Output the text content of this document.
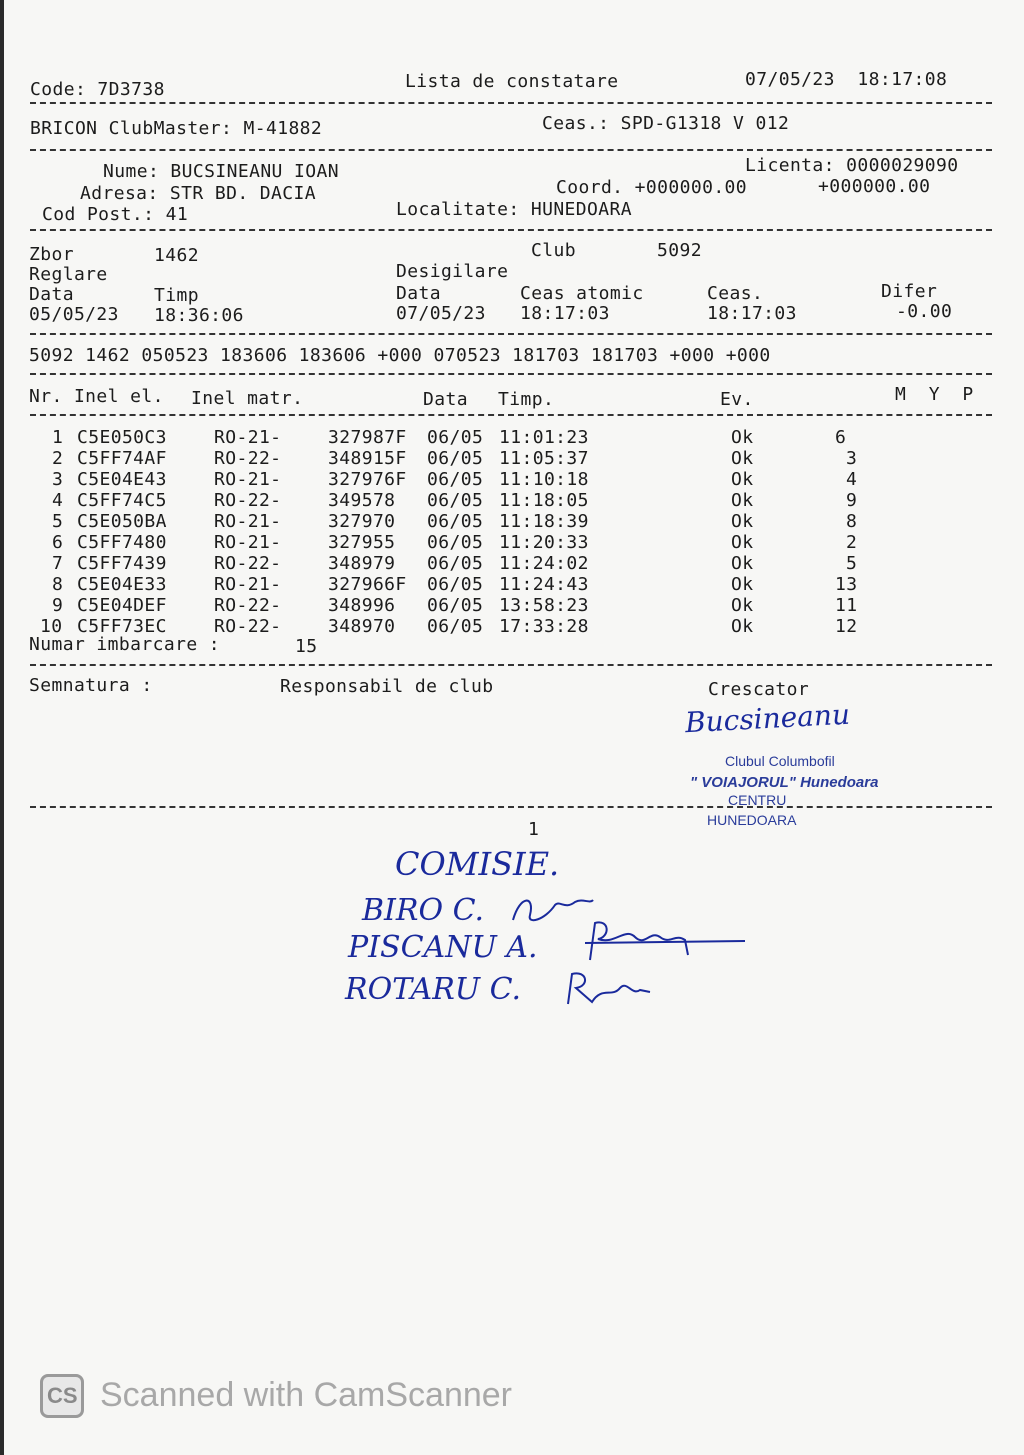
Code: 7D3738	Lista de constatare	07/05/23  18:17:08
BRICON ClubMaster: M-41882	Ceas.: SPD-G1318 V 012
Nume: BUCSINEANU IOAN	Licenta: 0000029090
Adresa: STR BD. DACIA	Coord. +000000.00	+000000.00
Cod Post.: 41	Localitate: HUNEDOARA
Zbor	1462	Club	5092
Reglare	Desigilare
Data	Timp	Data	Ceas atomic	Ceas.	Difer
05/05/23 18:36:06	07/05/23 18:17:03	18:17:03	-0.00
5092 1462 050523 183606 183606 +000 070523 181703 181703 +000 +000
Nr. Inel el. Inel matr.	Data Timp.	Ev.	M  Y  P
1 C5E050C3	RO-21-	327987F 06/05 11:01:23	Ok	6
2 C5FF74AF	RO-22-	348915F 06/05 11:05:37	Ok	3
3 C5E04E43	RO-21-	327976F 06/05 11:10:18	Ok	4
4 C5FF74C5	RO-22-	349578 06/05 11:18:05	Ok	9
5 C5E050BA	RO-21-	327970 06/05 11:18:39	Ok	8
6 C5FF7480	RO-21-	327955 06/05 11:20:33	Ok	2
7 C5FF7439	RO-22-	348979 06/05 11:24:02	Ok	5
8 C5E04E33	RO-21-	327966F 06/05 11:24:43	Ok	13
9 C5E04DEF	RO-22-	348996 06/05 13:58:23	Ok	11
10 C5FF73EC	RO-22-	348970 06/05 17:33:28	Ok	12
Numar imbarcare :	15
Semnatura :	Responsabil de club	Crescator
Bucsineanu
Clubul Columbofil
" VOIAJORUL" Hunedoara
CENTRU
HUNEDOARA
1
COMISIE.
BIRO C.
PISCANU A.
ROTARU C.
CS Scanned with CamScanner
